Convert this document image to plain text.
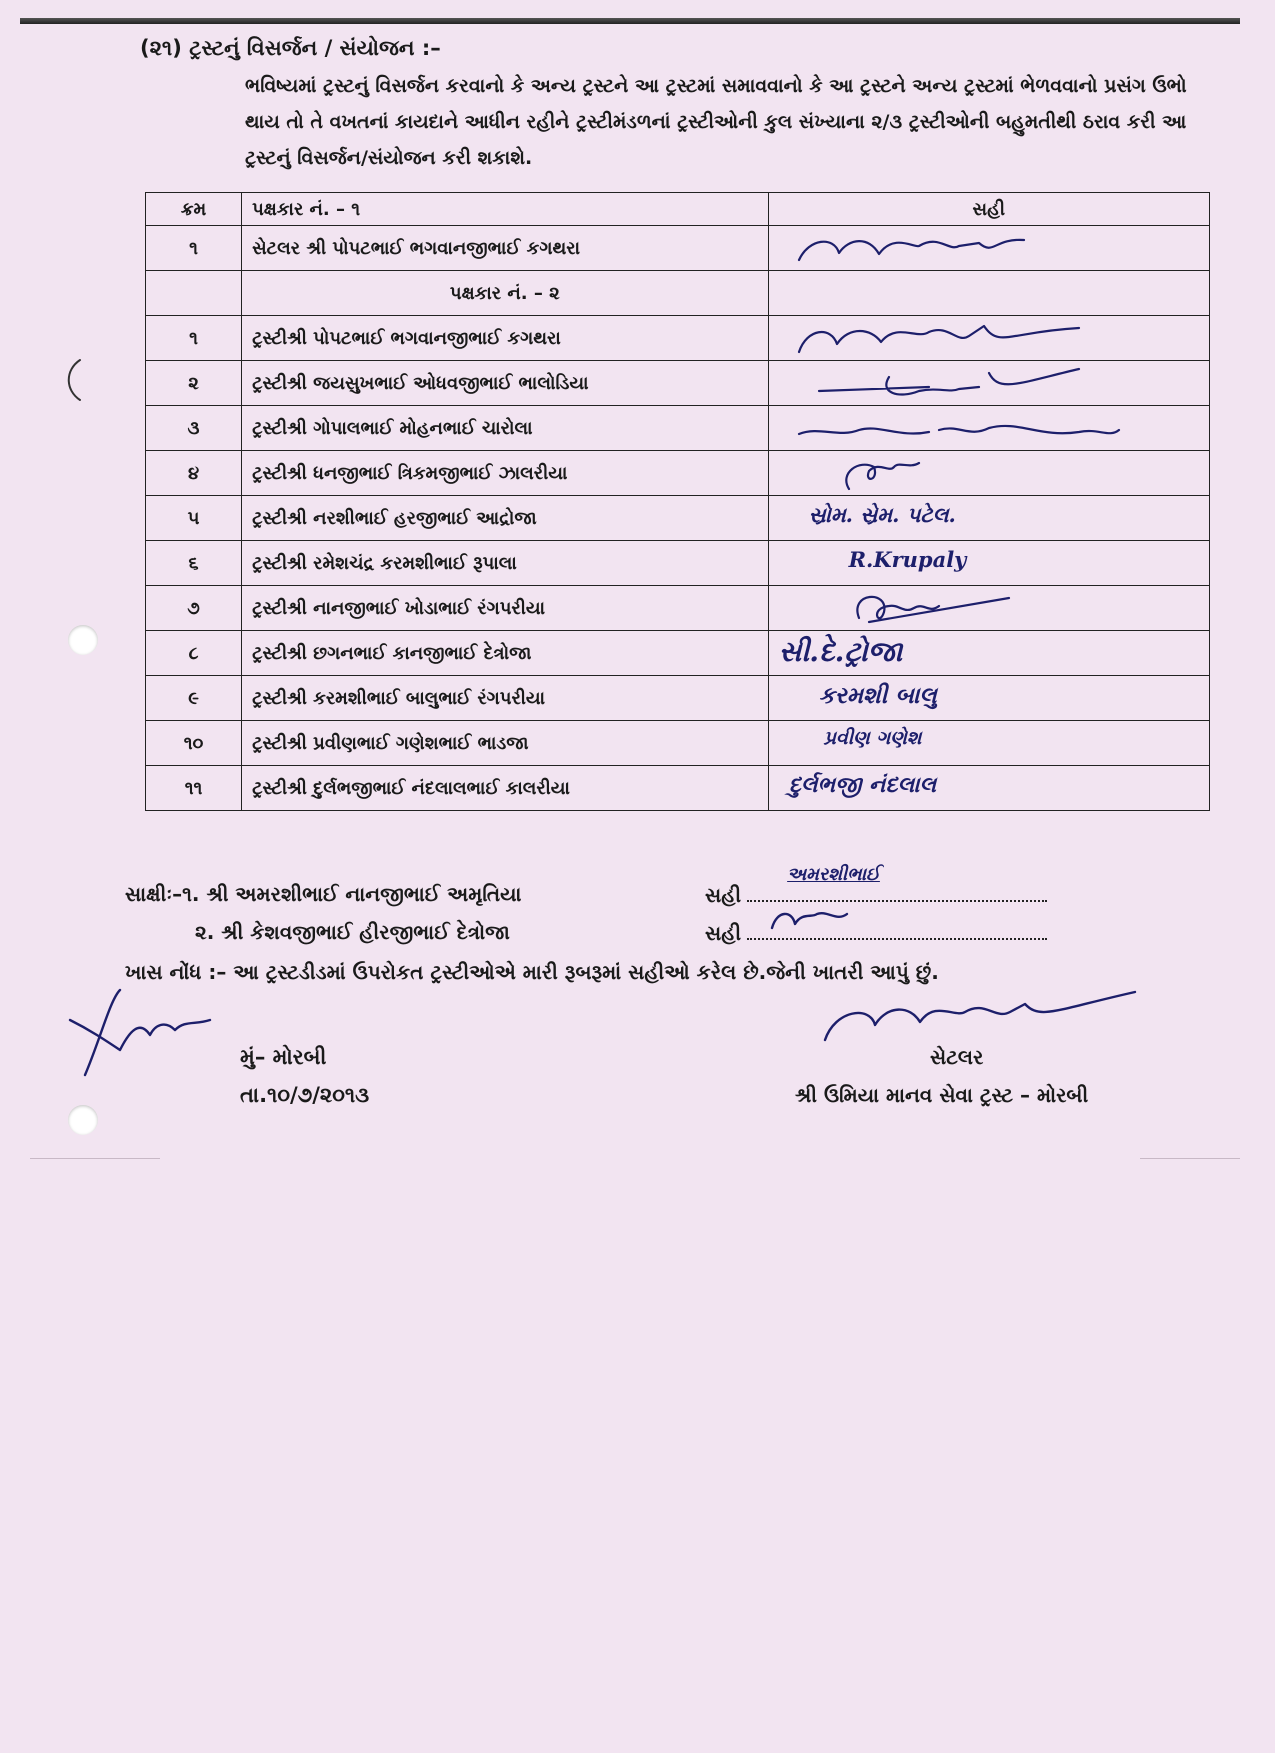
(૨૧) ટ્રસ્ટનું વિસર્જન / સંયોજન :–
ભવિષ્યમાં ટ્રસ્ટનું વિસર્જન કરવાનો કે અન્ય ટ્રસ્ટને આ ટ્રસ્ટમાં સમાવવાનો કે આ ટ્રસ્ટને અન્ય ટ્રસ્ટમાં ભેળવવાનો પ્રસંગ ઉભો થાય તો તે વખતનાં કાયદાને આધીન રહીને ટ્રસ્ટીમંડળનાં ટ્રસ્ટીઓની કુલ સંખ્યાના ૨/૩ ટ્રસ્ટીઓની બહુમતીથી ઠરાવ કરી આ ટ્રસ્ટનું વિસર્જન/સંયોજન કરી શકાશે.
ક્રમ	પક્ષકાર નં. – ૧	સહી
૧	સેટલર શ્રી પોપટભાઈ ભગવાનજીભાઈ કગથરા	

	પક્ષકાર નં. – ૨	
૧	ટ્રસ્ટીશ્રી પોપટભાઈ ભગવાનજીભાઈ કગથરા	

૨	ટ્રસ્ટીશ્રી જયસુખભાઈ ઓધવજીભાઈ ભાલોડિયા	

૩	ટ્રસ્ટીશ્રી ગોપાલભાઈ મોહનભાઈ ચારોલા	

૪	ટ્રસ્ટીશ્રી ધનજીભાઈ ત્રિકમજીભાઈ ઝાલરીયા	

૫	ટ્રસ્ટીશ્રી નરશીભાઈ હરજીભાઈ આદ્રોજા	સ્રોમ. સ્રેમ. પટેલ.

૬	ટ્રસ્ટીશ્રી રમેશચંદ્ર કરમશીભાઈ રૂપાલા	R.Krupaly

૭	ટ્રસ્ટીશ્રી નાનજીભાઈ ખોડાભાઈ રંગપરીયા	

૮	ટ્રસ્ટીશ્રી છગનભાઈ કાનજીભાઈ દેત્રોજા	સી.દે.ટ્રોજા

૯	ટ્રસ્ટીશ્રી કરમશીભાઈ બાલુભાઈ રંગપરીયા	કરમશી બાલુ

૧૦	ટ્રસ્ટીશ્રી પ્રવીણભાઈ ગણેશભાઈ ભાડજા	પ્રવીણ ગણેશ

૧૧	ટ્રસ્ટીશ્રી દુર્લભજીભાઈ નંદલાલભાઈ કાલરીયા	દુર્લભજી નંદલાલ
સાક્ષીઃ–૧. શ્રી અમરશીભાઈ નાનજીભાઈ અમૃતિયા	સહી
અમરશીભાઈ
૨. શ્રી કેશવજીભાઈ હીરજીભાઈ દેત્રોજા	સહી
ખાસ નોંધ :– આ ટ્રસ્ટડીડમાં ઉપરોકત ટ્રસ્ટીઓએ મારી રૂબરૂમાં સહીઓ કરેલ છે.જેની ખાતરી આપું છું.
મું– મોરબી
તા.૧૦/૭/૨૦૧૩
સેટલર
શ્રી ઉમિયા માનવ સેવા ટ્રસ્ટ – મોરબી
